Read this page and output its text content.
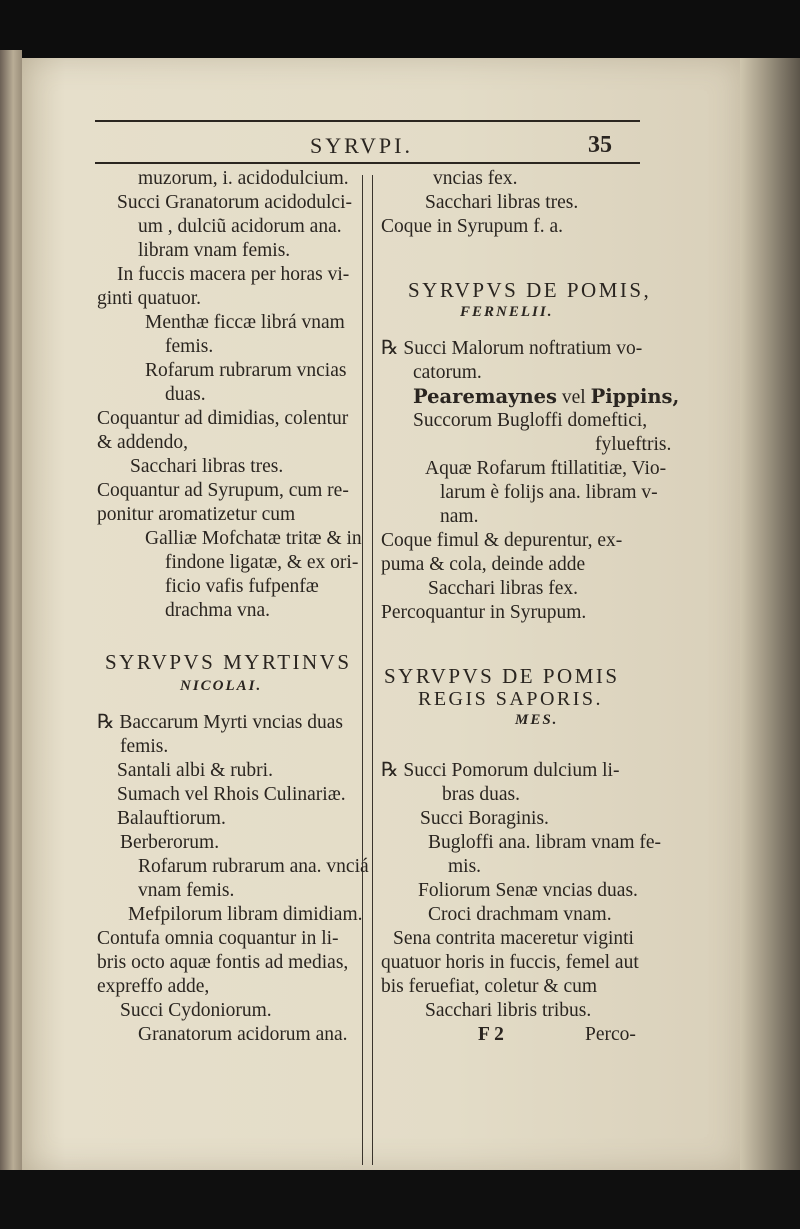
SYRVPI.	35
muzorum, i. acidodulcium.
Succi Granatorum acidodulci-
um , dulciũ acidorum ana.
libram vnam femis.
In fuccis macera per horas vi-
ginti quatuor.
Menthæ ficcæ librá vnam
femis.
Rofarum rubrarum vncias
duas.
Coquantur ad dimidias, colentur
& addendo,
Sacchari libras tres.
Coquantur ad Syrupum, cum re-
ponitur aromatizetur cum
Galliæ Mofchatæ tritæ & in
findone ligatæ, & ex ori-
ficio vafis fufpenfæ
drachma vna.
SYRVPVS MYRTINVS
NICOLAI.
℞ Baccarum Myrti vncias duas
femis.
Santali albi & rubri.
Sumach vel Rhois Culinariæ.
Balauftiorum.
Berberorum.
Rofarum rubrarum ana. vnciá
vnam femis.
Mefpilorum libram dimidiam.
Contufa omnia coquantur in li-
bris octo aquæ fontis ad medias,
expreffo adde,
Succi Cydoniorum.
Granatorum acidorum ana.
vncias fex.
Sacchari libras tres.
Coque in Syrupum f. a.
SYRVPVS DE POMIS,
FERNELII.
℞ Succi Malorum noftratium vo-
catorum.
Pearemaynes vel Pippins,
Succorum Bugloffi domeftici,
fylueftris.
Aquæ Rofarum ftillatitiæ, Vio-
larum è folijs ana. libram v-
nam.
Coque fimul & depurentur, ex-
puma & cola, deinde adde
Sacchari libras fex.
Percoquantur in Syrupum.
SYRVPVS DE POMIS
REGIS SAPORIS.
MES.
℞ Succi Pomorum dulcium li-
bras duas.
Succi Boraginis.
Bugloffi ana. libram vnam fe-
mis.
Foliorum Senæ vncias duas.
Croci drachmam vnam.
Sena contrita maceretur viginti
quatuor horis in fuccis, femel aut
bis feruefiat, coletur & cum
Sacchari libris tribus.
F 2	Perco-
